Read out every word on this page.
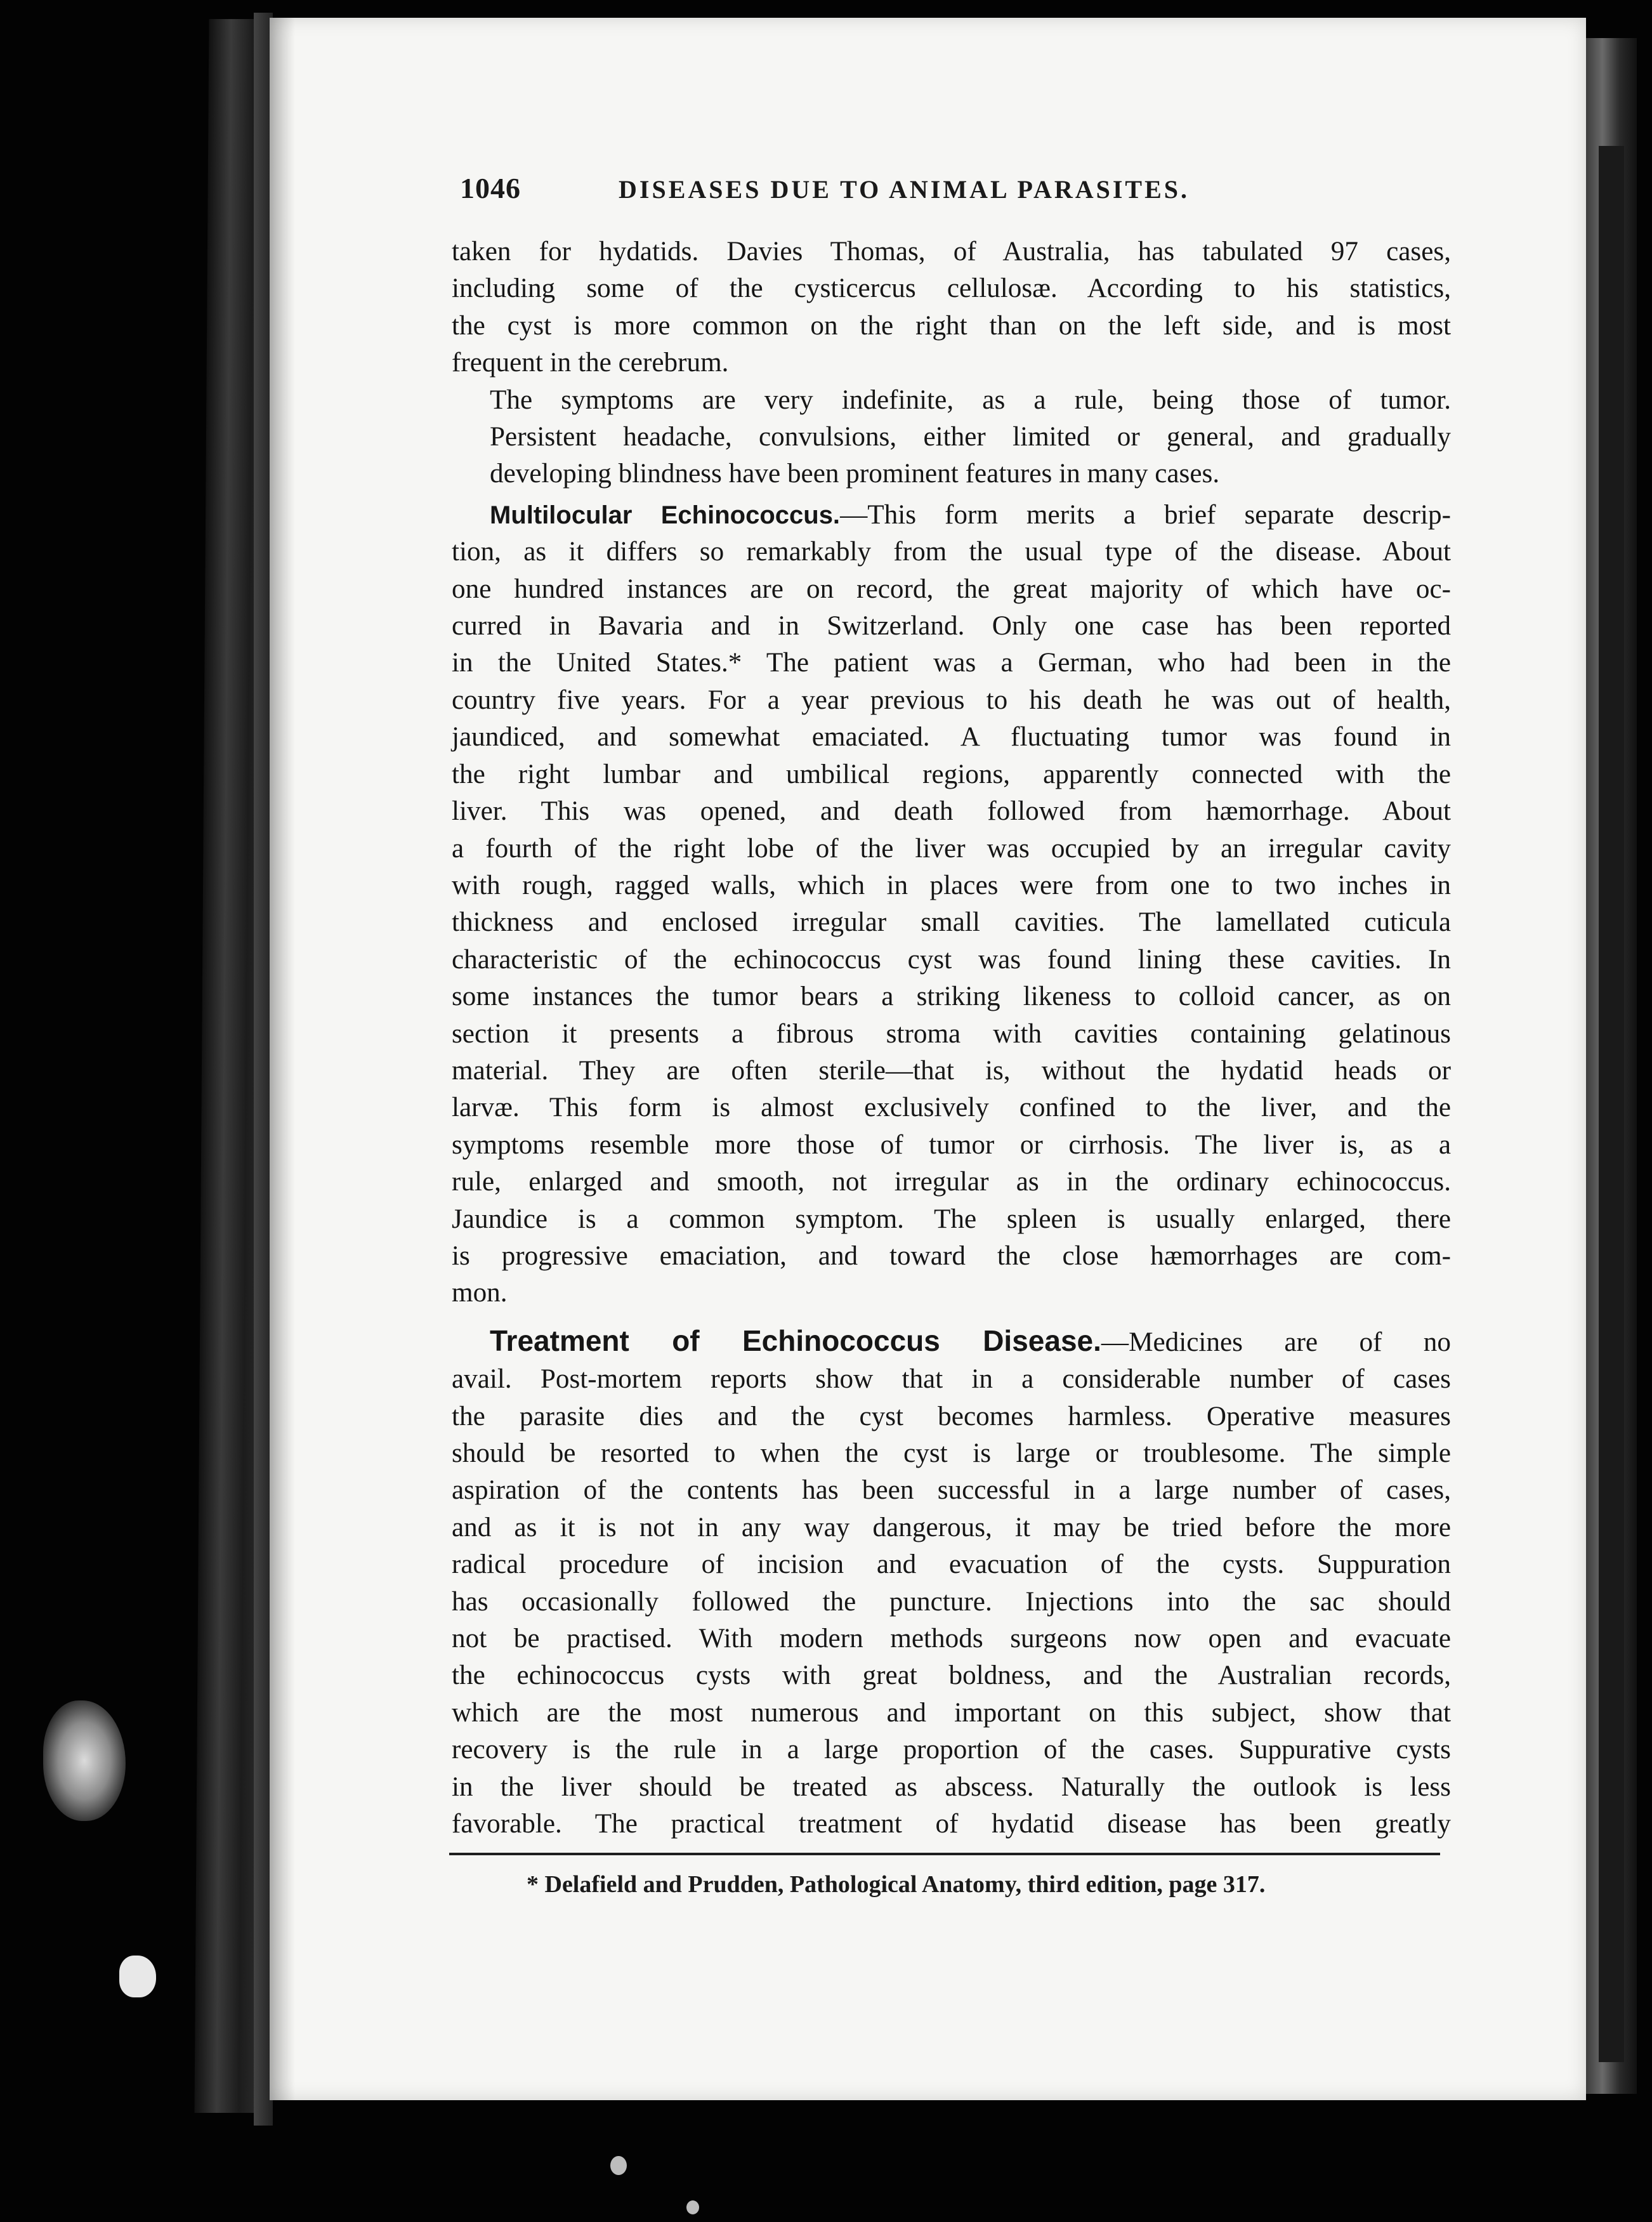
1046	DISEASES DUE TO ANIMAL PARASITES.

taken for hydatids. Davies Thomas, of Australia, has tabulated 97 cases,
including some of the cysticercus cellulosæ. According to his statistics,
the cyst is more common on the right than on the left side, and is most
frequent in the cerebrum.

The symptoms are very indefinite, as a rule, being those of tumor.
Persistent headache, convulsions, either limited or general, and gradually
developing blindness have been prominent features in many cases.

Multilocular Echinococcus.—This form merits a brief separate descrip-
tion, as it differs so remarkably from the usual type of the disease. About
one hundred instances are on record, the great majority of which have oc-
curred in Bavaria and in Switzerland. Only one case has been reported
in the United States.* The patient was a German, who had been in the
country five years. For a year previous to his death he was out of health,
jaundiced, and somewhat emaciated. A fluctuating tumor was found in
the right lumbar and umbilical regions, apparently connected with the
liver. This was opened, and death followed from hæmorrhage. About
a fourth of the right lobe of the liver was occupied by an irregular cavity
with rough, ragged walls, which in places were from one to two inches in
thickness and enclosed irregular small cavities. The lamellated cuticula
characteristic of the echinococcus cyst was found lining these cavities. In
some instances the tumor bears a striking likeness to colloid cancer, as on
section it presents a fibrous stroma with cavities containing gelatinous
material. They are often sterile—that is, without the hydatid heads or
larvæ. This form is almost exclusively confined to the liver, and the
symptoms resemble more those of tumor or cirrhosis. The liver is, as a
rule, enlarged and smooth, not irregular as in the ordinary echinococcus.
Jaundice is a common symptom. The spleen is usually enlarged, there
is progressive emaciation, and toward the close hæmorrhages are com-
mon.

Treatment of Echinococcus Disease.—Medicines are of no
avail. Post-mortem reports show that in a considerable number of cases
the parasite dies and the cyst becomes harmless. Operative measures
should be resorted to when the cyst is large or troublesome. The simple
aspiration of the contents has been successful in a large number of cases,
and as it is not in any way dangerous, it may be tried before the more
radical procedure of incision and evacuation of the cysts. Suppuration
has occasionally followed the puncture. Injections into the sac should
not be practised. With modern methods surgeons now open and evacuate
the echinococcus cysts with great boldness, and the Australian records,
which are the most numerous and important on this subject, show that
recovery is the rule in a large proportion of the cases. Suppurative cysts
in the liver should be treated as abscess. Naturally the outlook is less
favorable. The practical treatment of hydatid disease has been greatly

* Delafield and Prudden, Pathological Anatomy, third edition, page 317.
